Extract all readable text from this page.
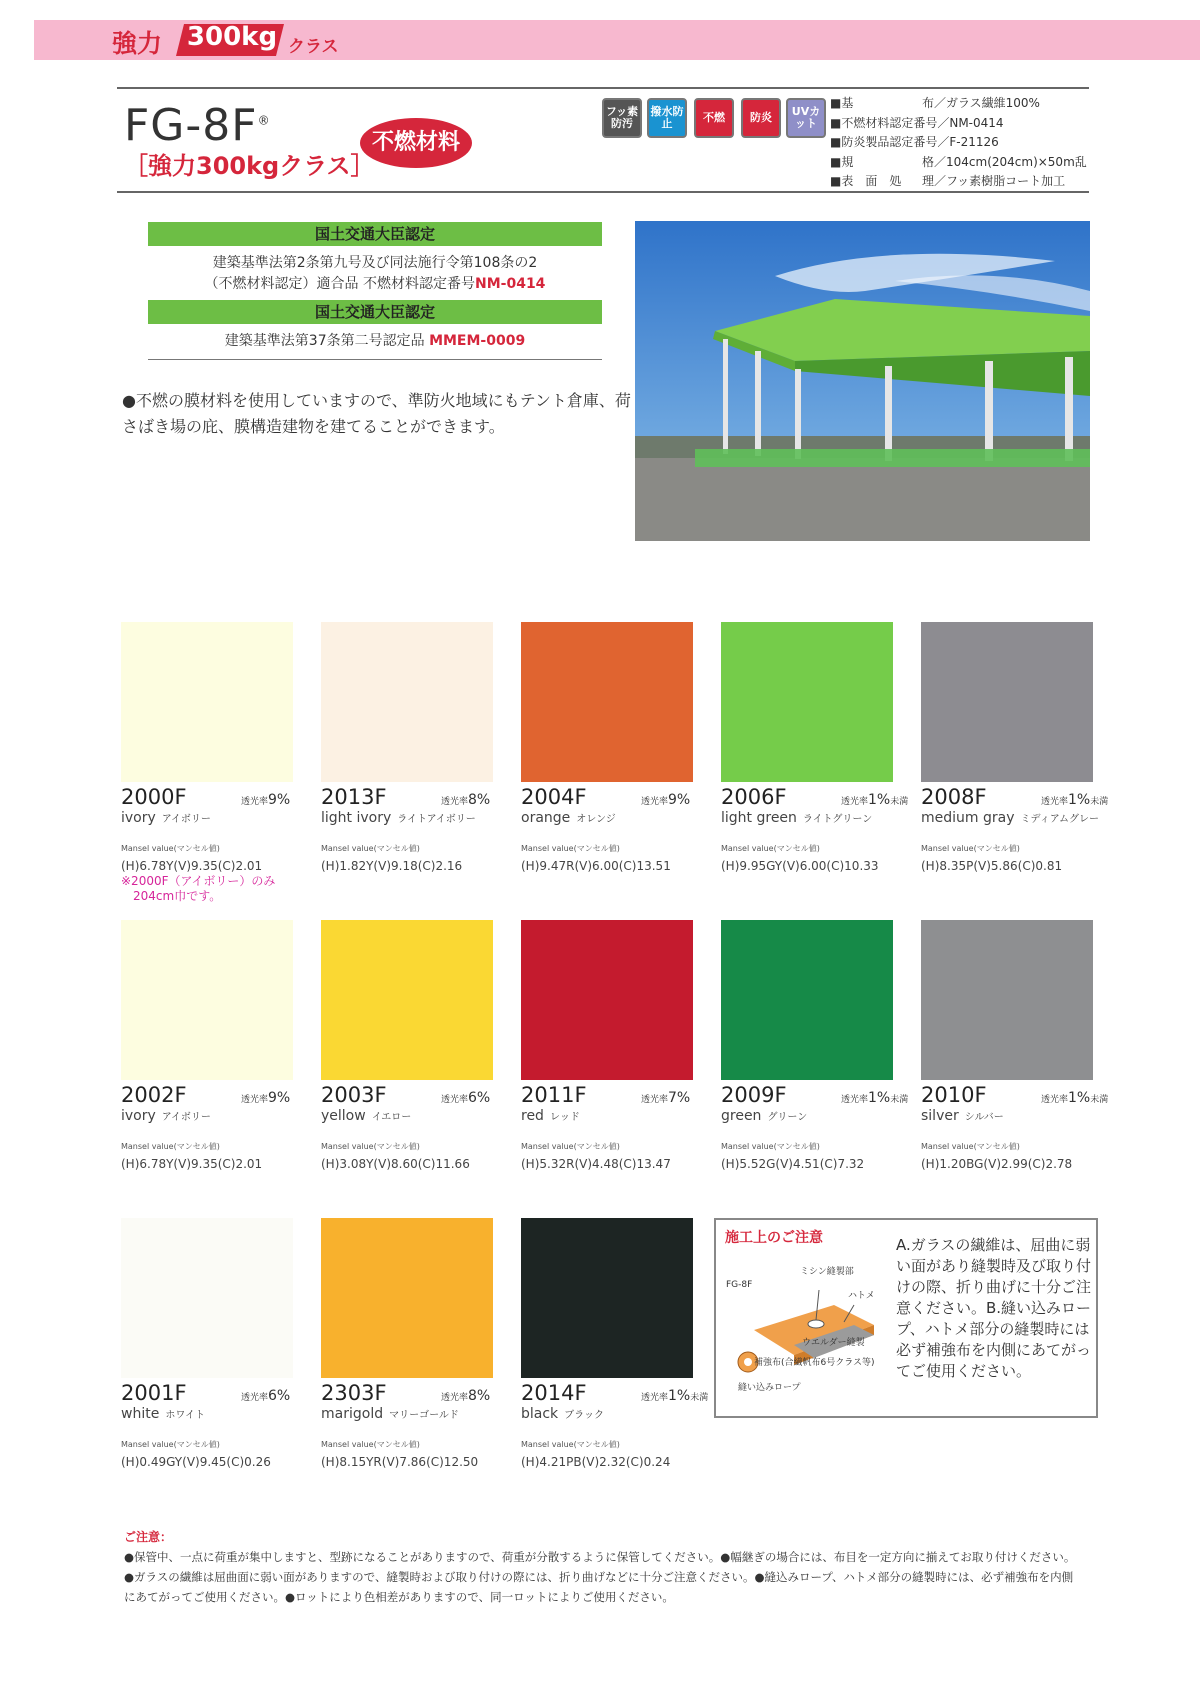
強力 300kg クラス
FG-8F®
［強力300kgクラス］
不燃材料
フッ素防汚
撥水防止	不燃	防炎	UVカット
■基	布／ガラス繊維100%
■不燃材料認定番号／NM-0414
■防炎製品認定番号／F-21126
■規	格／104cm(204cm)×50m乱
■表　面　処 理／フッ素樹脂コート加工
国土交通大臣認定
建築基準法第2条第九号及び同法施行令第108条の2
（不燃材料認定）適合品 不燃材料認定番号NM-0414
国土交通大臣認定
建築基準法第37条第二号認定品 MMEM-0009
●不燃の膜材料を使用していますので、準防火地域にもテント倉庫、荷さばき場の庇、膜構造建物を建てることができます。
2000F	透光率9%
ivory アイボリー
Mansel value(マンセル値)
(H)6.78Y(V)9.35(C)2.01
2013F	透光率8%
light ivory ライトアイボリー
Mansel value(マンセル値)
(H)1.82Y(V)9.18(C)2.16
2004F	透光率9%
orange オレンジ
Mansel value(マンセル値)
(H)9.47R(V)6.00(C)13.51
2006F	透光率1%未満
light green ライトグリーン
Mansel value(マンセル値)
(H)9.95GY(V)6.00(C)10.33
2008F	透光率1%未満
medium gray ミディアムグレー
Mansel value(マンセル値)
(H)8.35P(V)5.86(C)0.81
2002F	透光率9%
ivory アイボリー
Mansel value(マンセル値)
(H)6.78Y(V)9.35(C)2.01
2003F	透光率6%
yellow イエロー
Mansel value(マンセル値)
(H)3.08Y(V)8.60(C)11.66
2011F	透光率7%
red レッド
Mansel value(マンセル値)
(H)5.32R(V)4.48(C)13.47
2009F	透光率1%未満
green グリーン
Mansel value(マンセル値)
(H)5.52G(V)4.51(C)7.32
2010F	透光率1%未満
silver シルバー
Mansel value(マンセル値)
(H)1.20BG(V)2.99(C)2.78
2001F	透光率6%
white ホワイト
Mansel value(マンセル値)
(H)0.49GY(V)9.45(C)0.26
2303F	透光率8%
marigold マリーゴールド
Mansel value(マンセル値)
(H)8.15YR(V)7.86(C)12.50
2014F	透光率1%未満
black ブラック
Mansel value(マンセル値)
(H)4.21PB(V)2.32(C)0.24
※2000F（アイボリー）のみ
204cm巾です。
施工上のご注意
FG-8F
ミシン縫製部
ハトメ
ウエルダー縫製
補強布(合繊帆布6号クラス等)
縫い込みロープ
A.ガラスの繊維は、屈曲に弱い面があり縫製時及び取り付けの際、折り曲げに十分ご注意ください。B.縫い込みロープ、ハトメ部分の縫製時には必ず補強布を内側にあてがってご使用ください。
ご注意：
●保管中、一点に荷重が集中しますと、型跡になることがありますので、荷重が分散するように保管してください。●幅継ぎの場合には、布目を一定方向に揃えてお取り付けください。
●ガラスの繊維は屈曲面に弱い面がありますので、縫製時および取り付けの際には、折り曲げなどに十分ご注意ください。●縫込みロープ、ハトメ部分の縫製時には、必ず補強布を内側
にあてがってご使用ください。●ロットにより色相差がありますので、同一ロットによりご使用ください。
